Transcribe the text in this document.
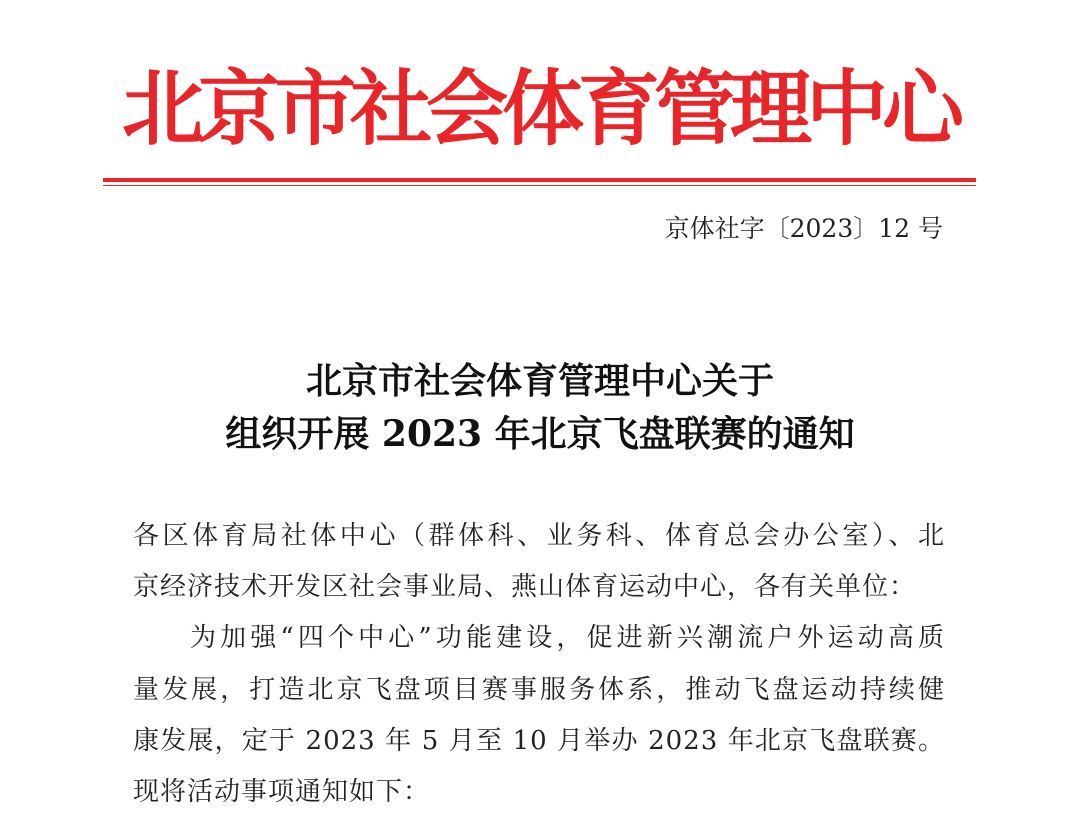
北京市社会体育管理中心
京体社字〔2023〕12 号
北京市社会体育管理中心关于
组织开展 2023 年北京飞盘联赛的通知
各区体育局社体中心（群体科、业务科、体育总会办公室）、北
京经济技术开发区社会事业局、燕山体育运动中心，各有关单位：
为加强“四个中心”功能建设，促进新兴潮流户外运动高质
量发展，打造北京飞盘项目赛事服务体系，推动飞盘运动持续健
康发展，定于 2023 年 5 月至 10 月举办 2023 年北京飞盘联赛。
现将活动事项通知如下：
